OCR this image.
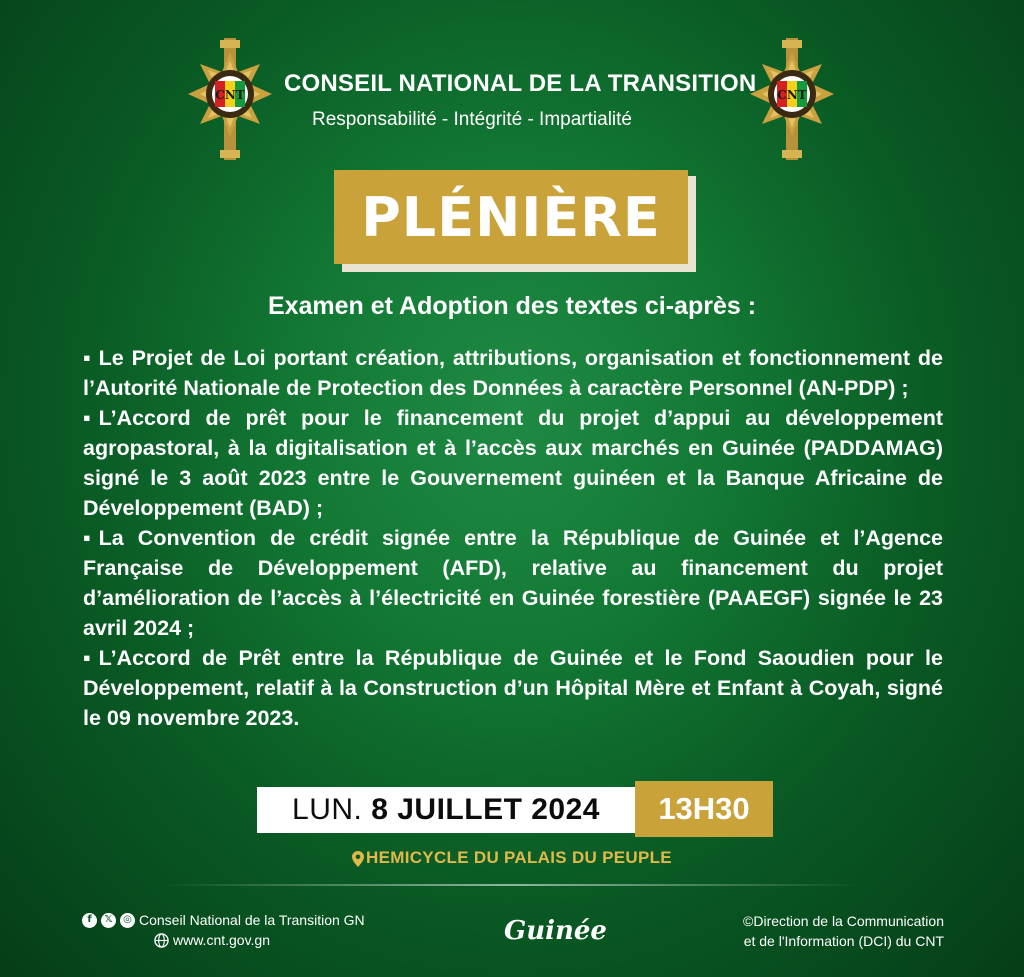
CNT	CNT
CONSEIL NATIONAL DE LA TRANSITION
Responsabilité - Intégrité - Impartialité
PLÉNIÈRE
Examen et Adoption des textes ci-après :

▪ Le Projet de Loi portant création, attributions, organisation et fonctionnement de l’Autorité Nationale de Protection des Données à caractère Personnel (AN-PDP) ;

▪ L’Accord de prêt pour le financement du projet d’appui au développement agropastoral, à la digitalisation et à l’accès aux marchés en Guinée (PADDAMAG) signé le 3 août 2023 entre le Gouvernement guinéen et la Banque Africaine de Développement (BAD) ;

▪ La Convention de crédit signée entre la République de Guinée et l’Agence Française de Développement (AFD), relative au financement du projet d’amélioration de l’accès à l’électricité en Guinée forestière (PAAEGF) signée le 23 avril 2024 ;

▪ L’Accord de Prêt entre la République de Guinée et le Fond Saoudien pour le Développement, relatif à la Construction d’un Hôpital Mère et Enfant à Coyah, signé le 09 novembre 2023.

LUN.
8 JUILLET 2024	13H30
HEMICYCLE DU PALAIS DU PEUPLE
f	𝕏	◎ Conseil National de la Transition GN
www.cnt.gov.gn	Guinée	©Direction de la Communication
et de l'Information (DCI) du CNT
